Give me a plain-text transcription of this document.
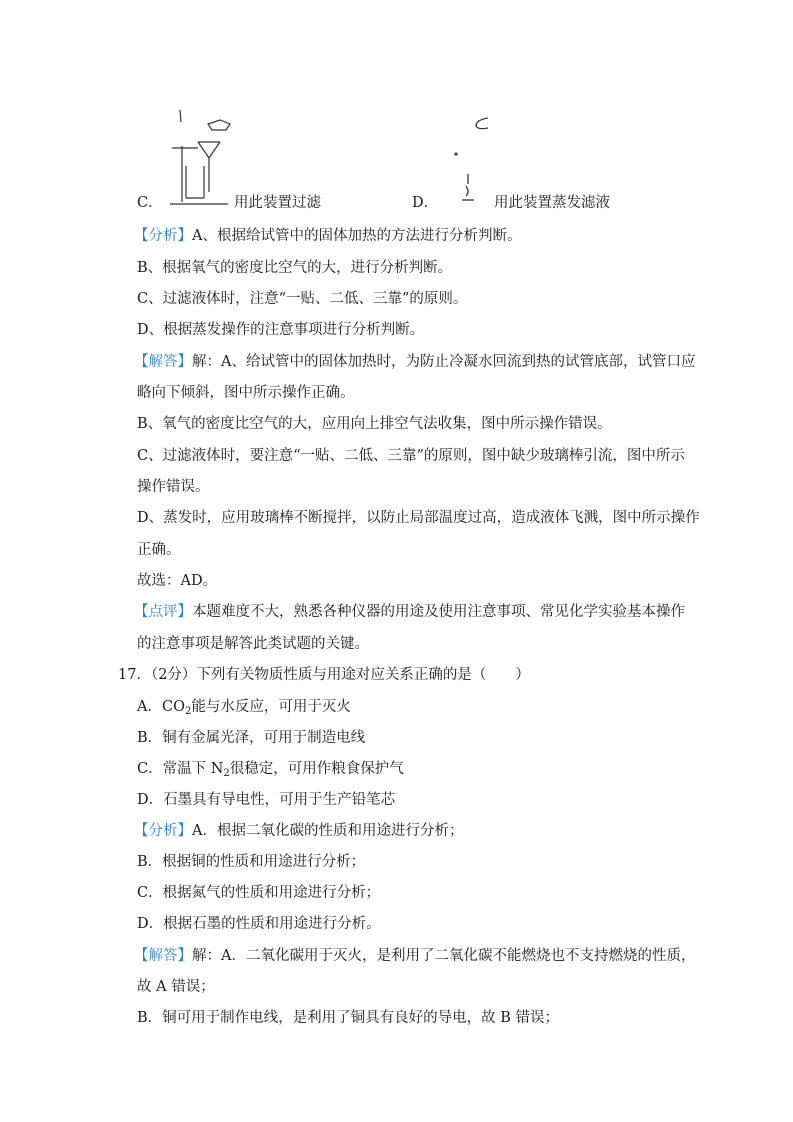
C．	用此装置过滤	D．	用此装置蒸发滤液
【分析】A、根据给试管中的固体加热的方法进行分析判断。
B、根据氧气的密度比空气的大，进行分析判断。
C、过滤液体时，注意“一贴、二低、三靠”的原则。
D、根据蒸发操作的注意事项进行分析判断。
【解答】解：A、给试管中的固体加热时，为防止冷凝水回流到热的试管底部，试管口应
略向下倾斜，图中所示操作正确。
B、氧气的密度比空气的大，应用向上排空气法收集，图中所示操作错误。
C、过滤液体时，要注意“一贴、二低、三靠”的原则，图中缺少玻璃棒引流，图中所示
操作错误。
D、蒸发时，应用玻璃棒不断搅拌，以防止局部温度过高，造成液体飞溅，图中所示操作
正确。
故选：AD。
【点评】本题难度不大，熟悉各种仪器的用途及使用注意事项、常见化学实验基本操作
的注意事项是解答此类试题的关键。
17．（2分）下列有关物质性质与用途对应关系正确的是（　　）
A．$CO_2$能与水反应，可用于灭火
B．铜有金属光泽，可用于制造电线
C．常温下 $N_2$很稳定，可用作粮食保护气
D．石墨具有导电性，可用于生产铅笔芯
【分析】A．根据二氧化碳的性质和用途进行分析；
B．根据铜的性质和用途进行分析；
C．根据氮气的性质和用途进行分析；
D．根据石墨的性质和用途进行分析。
【解答】解：A．二氧化碳用于灭火，是利用了二氧化碳不能燃烧也不支持燃烧的性质，
故 A 错误；
B．铜可用于制作电线，是利用了铜具有良好的导电，故 B 错误；
